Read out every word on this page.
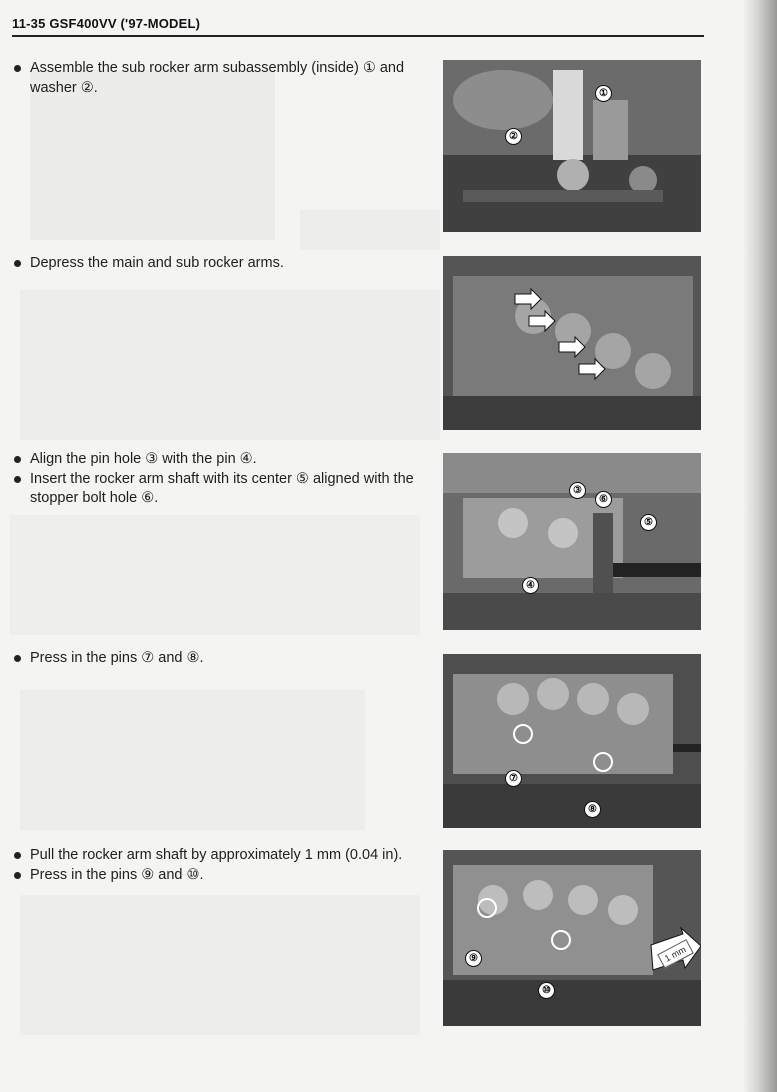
11-35 GSF400VV ('97-MODEL)
Assemble the sub rocker arm subassembly (inside) ① and washer ②.	①
②
Depress the main and sub rocker arms.
Align the pin hole ③ with the pin ④.
Insert the rocker arm shaft with its center ⑤ aligned with the stopper bolt hole ⑥.	③
⑥
⑤
④
Press in the pins ⑦ and ⑧.
⑦
⑧
Pull the rocker arm shaft by approximately 1 mm (0.04 in).
Press in the pins ⑨ and ⑩.
⑨
⑩
1 mm
